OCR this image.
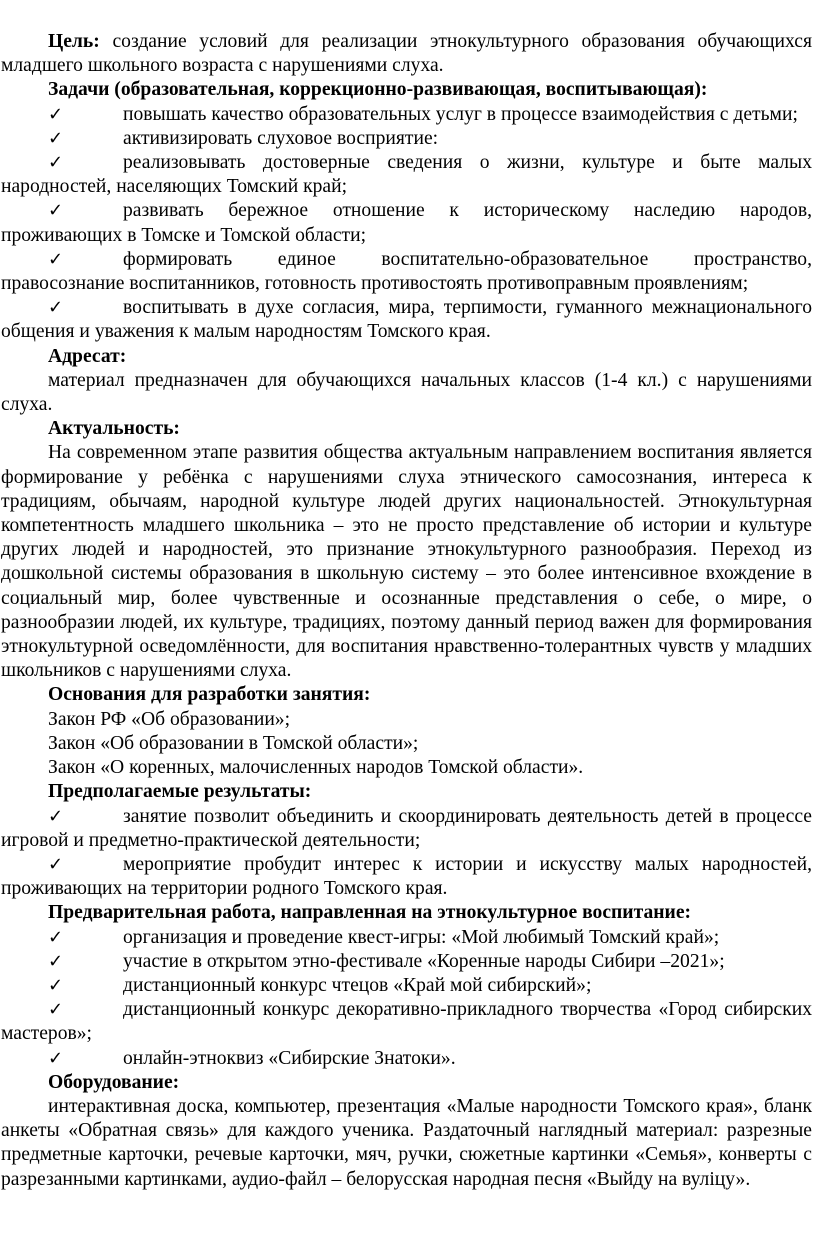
Цель: создание условий для реализации этнокультурного образования обучающихся младшего школьного возраста с нарушениями слуха.

Задачи (образовательная, коррекционно-развивающая, воспитывающая):

✓	повышать качество образовательных услуг в процессе взаимодействия с детьми;

✓	активизировать слуховое восприятие:

✓	реализовывать достоверные сведения о жизни, культуре и быте малых народностей, населяющих Томский край;

✓	развивать бережное отношение к историческому наследию народов, проживающих в Томске и Томской области;

✓	формировать единое воспитательно-образовательное пространство, правосознание воспитанников, готовность противостоять противоправным проявлениям;

✓	воспитывать в духе согласия, мира, терпимости, гуманного межнационального общения и уважения к малым народностям Томского края.

Адресат:

материал предназначен для обучающихся начальных классов (1-4 кл.) с нарушениями слуха.

Актуальность:

На современном этапе развития общества актуальным направлением воспитания является формирование у ребёнка с нарушениями слуха этнического самосознания, интереса к традициям, обычаям, народной культуре людей других национальностей. Этнокультурная компетентность младшего школьника – это не просто представление об истории и культуре других людей и народностей, это признание этнокультурного разнообразия. Переход из дошкольной системы образования в школьную систему – это более интенсивное вхождение в социальный мир, более чувственные и осознанные представления о себе, о мире, о разнообразии людей, их культуре, традициях, поэтому данный период важен для формирования этнокультурной осведомлённости, для воспитания нравственно-толерантных чувств у младших школьников с нарушениями слуха.

Основания для разработки занятия:

Закон РФ «Об образовании»;

Закон «Об образовании в Томской области»;

Закон «О коренных, малочисленных народов Томской области».

Предполагаемые результаты:

✓	занятие позволит объединить и скоординировать деятельность детей в процессе игровой и предметно-практической деятельности;

✓	мероприятие пробудит интерес к истории и искусству малых народностей, проживающих на территории родного Томского края.

Предварительная работа, направленная на этнокультурное воспитание:

✓	организация и проведение квест-игры: «Мой любимый Томский край»;

✓	участие в открытом этно-фестивале «Коренные народы Сибири –2021»;

✓	дистанционный конкурс чтецов «Край мой сибирский»;

✓	дистанционный конкурс декоративно-прикладного творчества «Город сибирских мастеров»;

✓	онлайн-этноквиз «Сибирские Знатоки».

Оборудование:

интерактивная доска, компьютер, презентация «Малые народности Томского края», бланк анкеты «Обратная связь» для каждого ученика. Раздаточный наглядный материал: разрезные предметные карточки, речевые карточки, мяч, ручки, сюжетные картинки «Семья», конверты с разрезанными картинками, аудио-файл – белорусская народная песня «Выйду на вуліцу».
